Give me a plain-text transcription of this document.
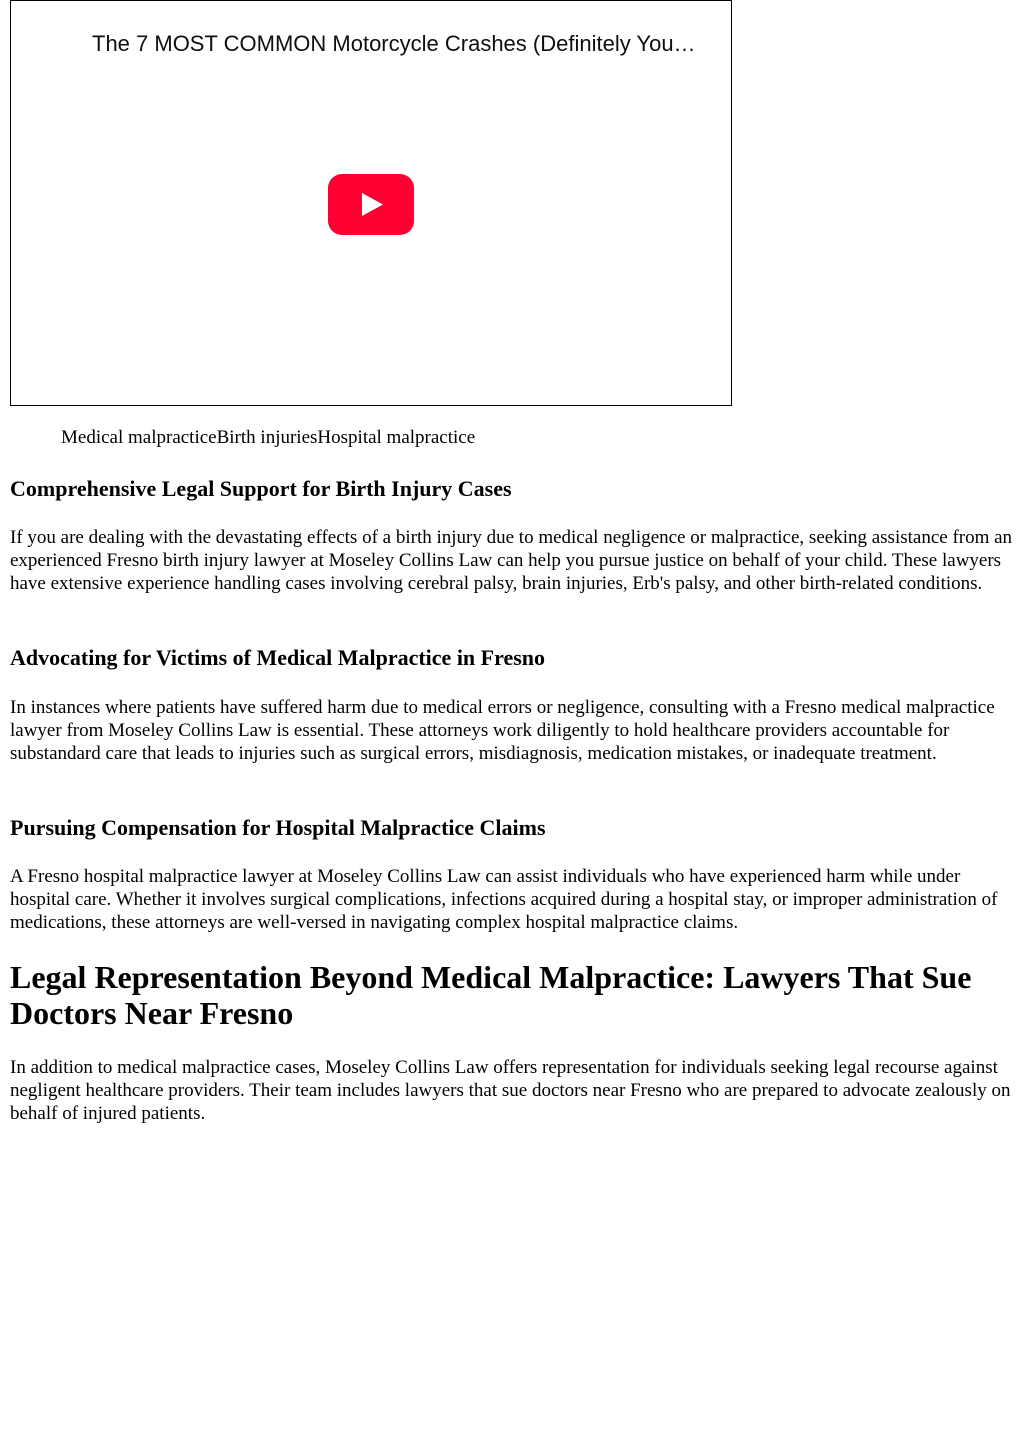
The 7 MOST COMMON Motorcycle Crashes (Definitely You…
Medical malpracticeBirth injuriesHospital malpractice
Comprehensive Legal Support for Birth Injury Cases

If you are dealing with the devastating effects of a birth injury due to medical negligence or malpractice, seeking assistance from an experienced Fresno birth injury lawyer at Moseley Collins Law can help you pursue justice on behalf of your child. These lawyers have extensive experience handling cases involving cerebral palsy, brain injuries, Erb's palsy, and other birth-related conditions.

Advocating for Victims of Medical Malpractice in Fresno

In instances where patients have suffered harm due to medical errors or negligence, consulting with a Fresno medical malpractice lawyer from Moseley Collins Law is essential. These attorneys work diligently to hold healthcare providers accountable for substandard care that leads to injuries such as surgical errors, misdiagnosis, medication mistakes, or inadequate treatment.

Pursuing Compensation for Hospital Malpractice Claims

A Fresno hospital malpractice lawyer at Moseley Collins Law can assist individuals who have experienced harm while under hospital care. Whether it involves surgical complications, infections acquired during a hospital stay, or improper administration of medications, these attorneys are well-versed in navigating complex hospital malpractice claims.

Legal Representation Beyond Medical Malpractice: Lawyers That Sue Doctors Near Fresno

In addition to medical malpractice cases, Moseley Collins Law offers representation for individuals seeking legal recourse against negligent healthcare providers. Their team includes lawyers that sue doctors near Fresno who are prepared to advocate zealously on behalf of injured patients.
